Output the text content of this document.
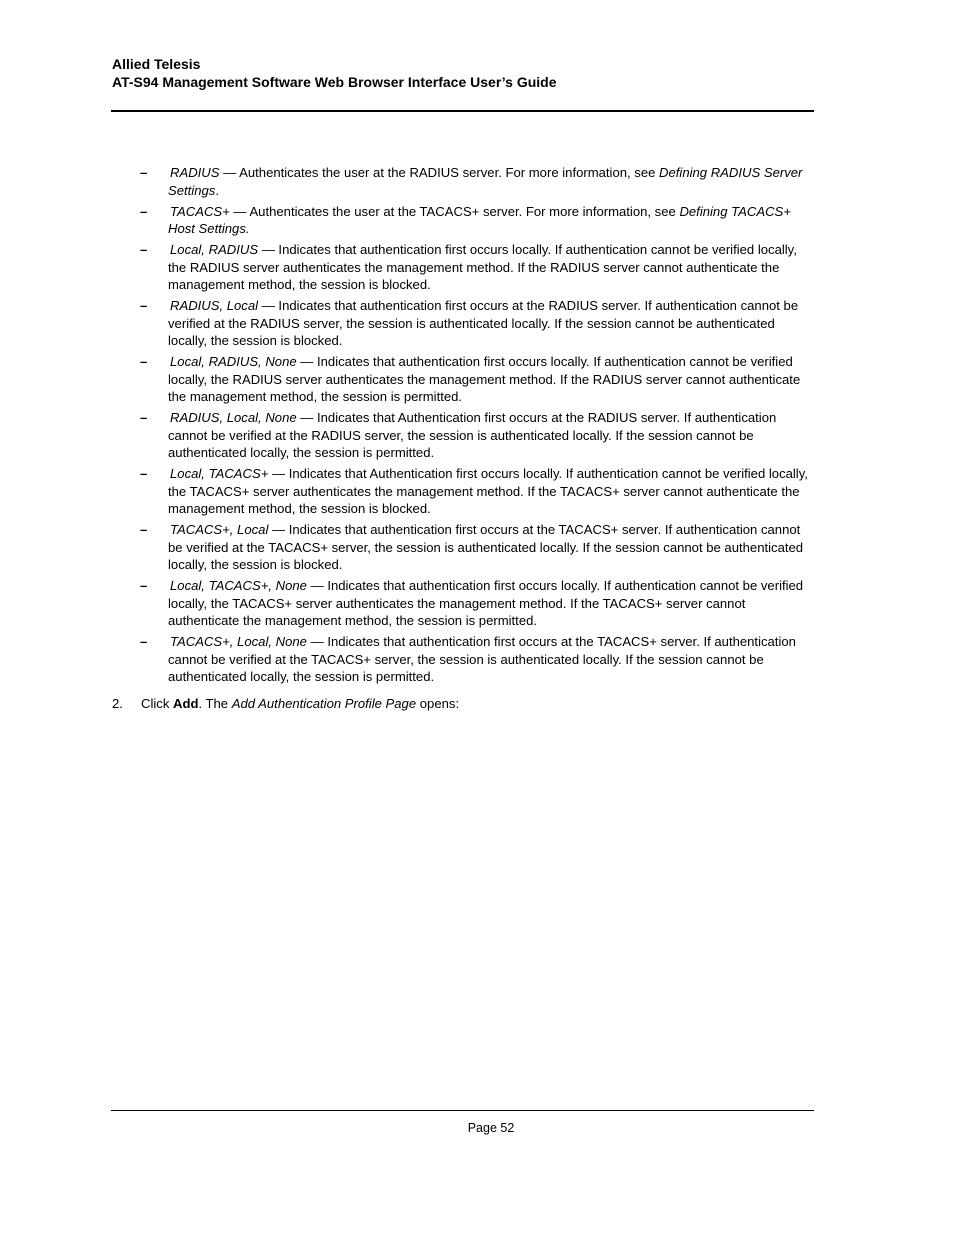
Allied Telesis
AT-S94 Management Software Web Browser Interface User’s Guide
– RADIUS — Authenticates the user at the RADIUS server. For more information, see Defining RADIUS Server Settings.
– TACACS+ — Authenticates the user at the TACACS+ server. For more information, see Defining TACACS+ Host Settings.
– Local, RADIUS — Indicates that authentication first occurs locally. If authentication cannot be verified locally, the RADIUS server authenticates the management method. If the RADIUS server cannot authenticate the management method, the session is blocked.
– RADIUS, Local — Indicates that authentication first occurs at the RADIUS server. If authentication cannot be verified at the RADIUS server, the session is authenticated locally. If the session cannot be authenticated locally, the session is blocked.
– Local, RADIUS, None — Indicates that authentication first occurs locally. If authentication cannot be verified locally, the RADIUS server authenticates the management method. If the RADIUS server cannot authenticate the management method, the session is permitted.
– RADIUS, Local, None — Indicates that Authentication first occurs at the RADIUS server. If authentication cannot be verified at the RADIUS server, the session is authenticated locally. If the session cannot be authenticated locally, the session is permitted.
– Local, TACACS+ — Indicates that Authentication first occurs locally. If authentication cannot be verified locally, the TACACS+ server authenticates the management method. If the TACACS+ server cannot authenticate the management method, the session is blocked.
– TACACS+, Local — Indicates that authentication first occurs at the TACACS+ server. If authentication cannot be verified at the TACACS+ server, the session is authenticated locally. If the session cannot be authenticated locally, the session is blocked.
– Local, TACACS+, None — Indicates that authentication first occurs locally. If authentication cannot be verified locally, the TACACS+ server authenticates the management method. If the TACACS+ server cannot authenticate the management method, the session is permitted.
– TACACS+, Local, None — Indicates that authentication first occurs at the TACACS+ server. If authentication cannot be verified at the TACACS+ server, the session is authenticated locally. If the session cannot be authenticated locally, the session is permitted.
2.	Click Add. The Add Authentication Profile Page opens:
Page 52
